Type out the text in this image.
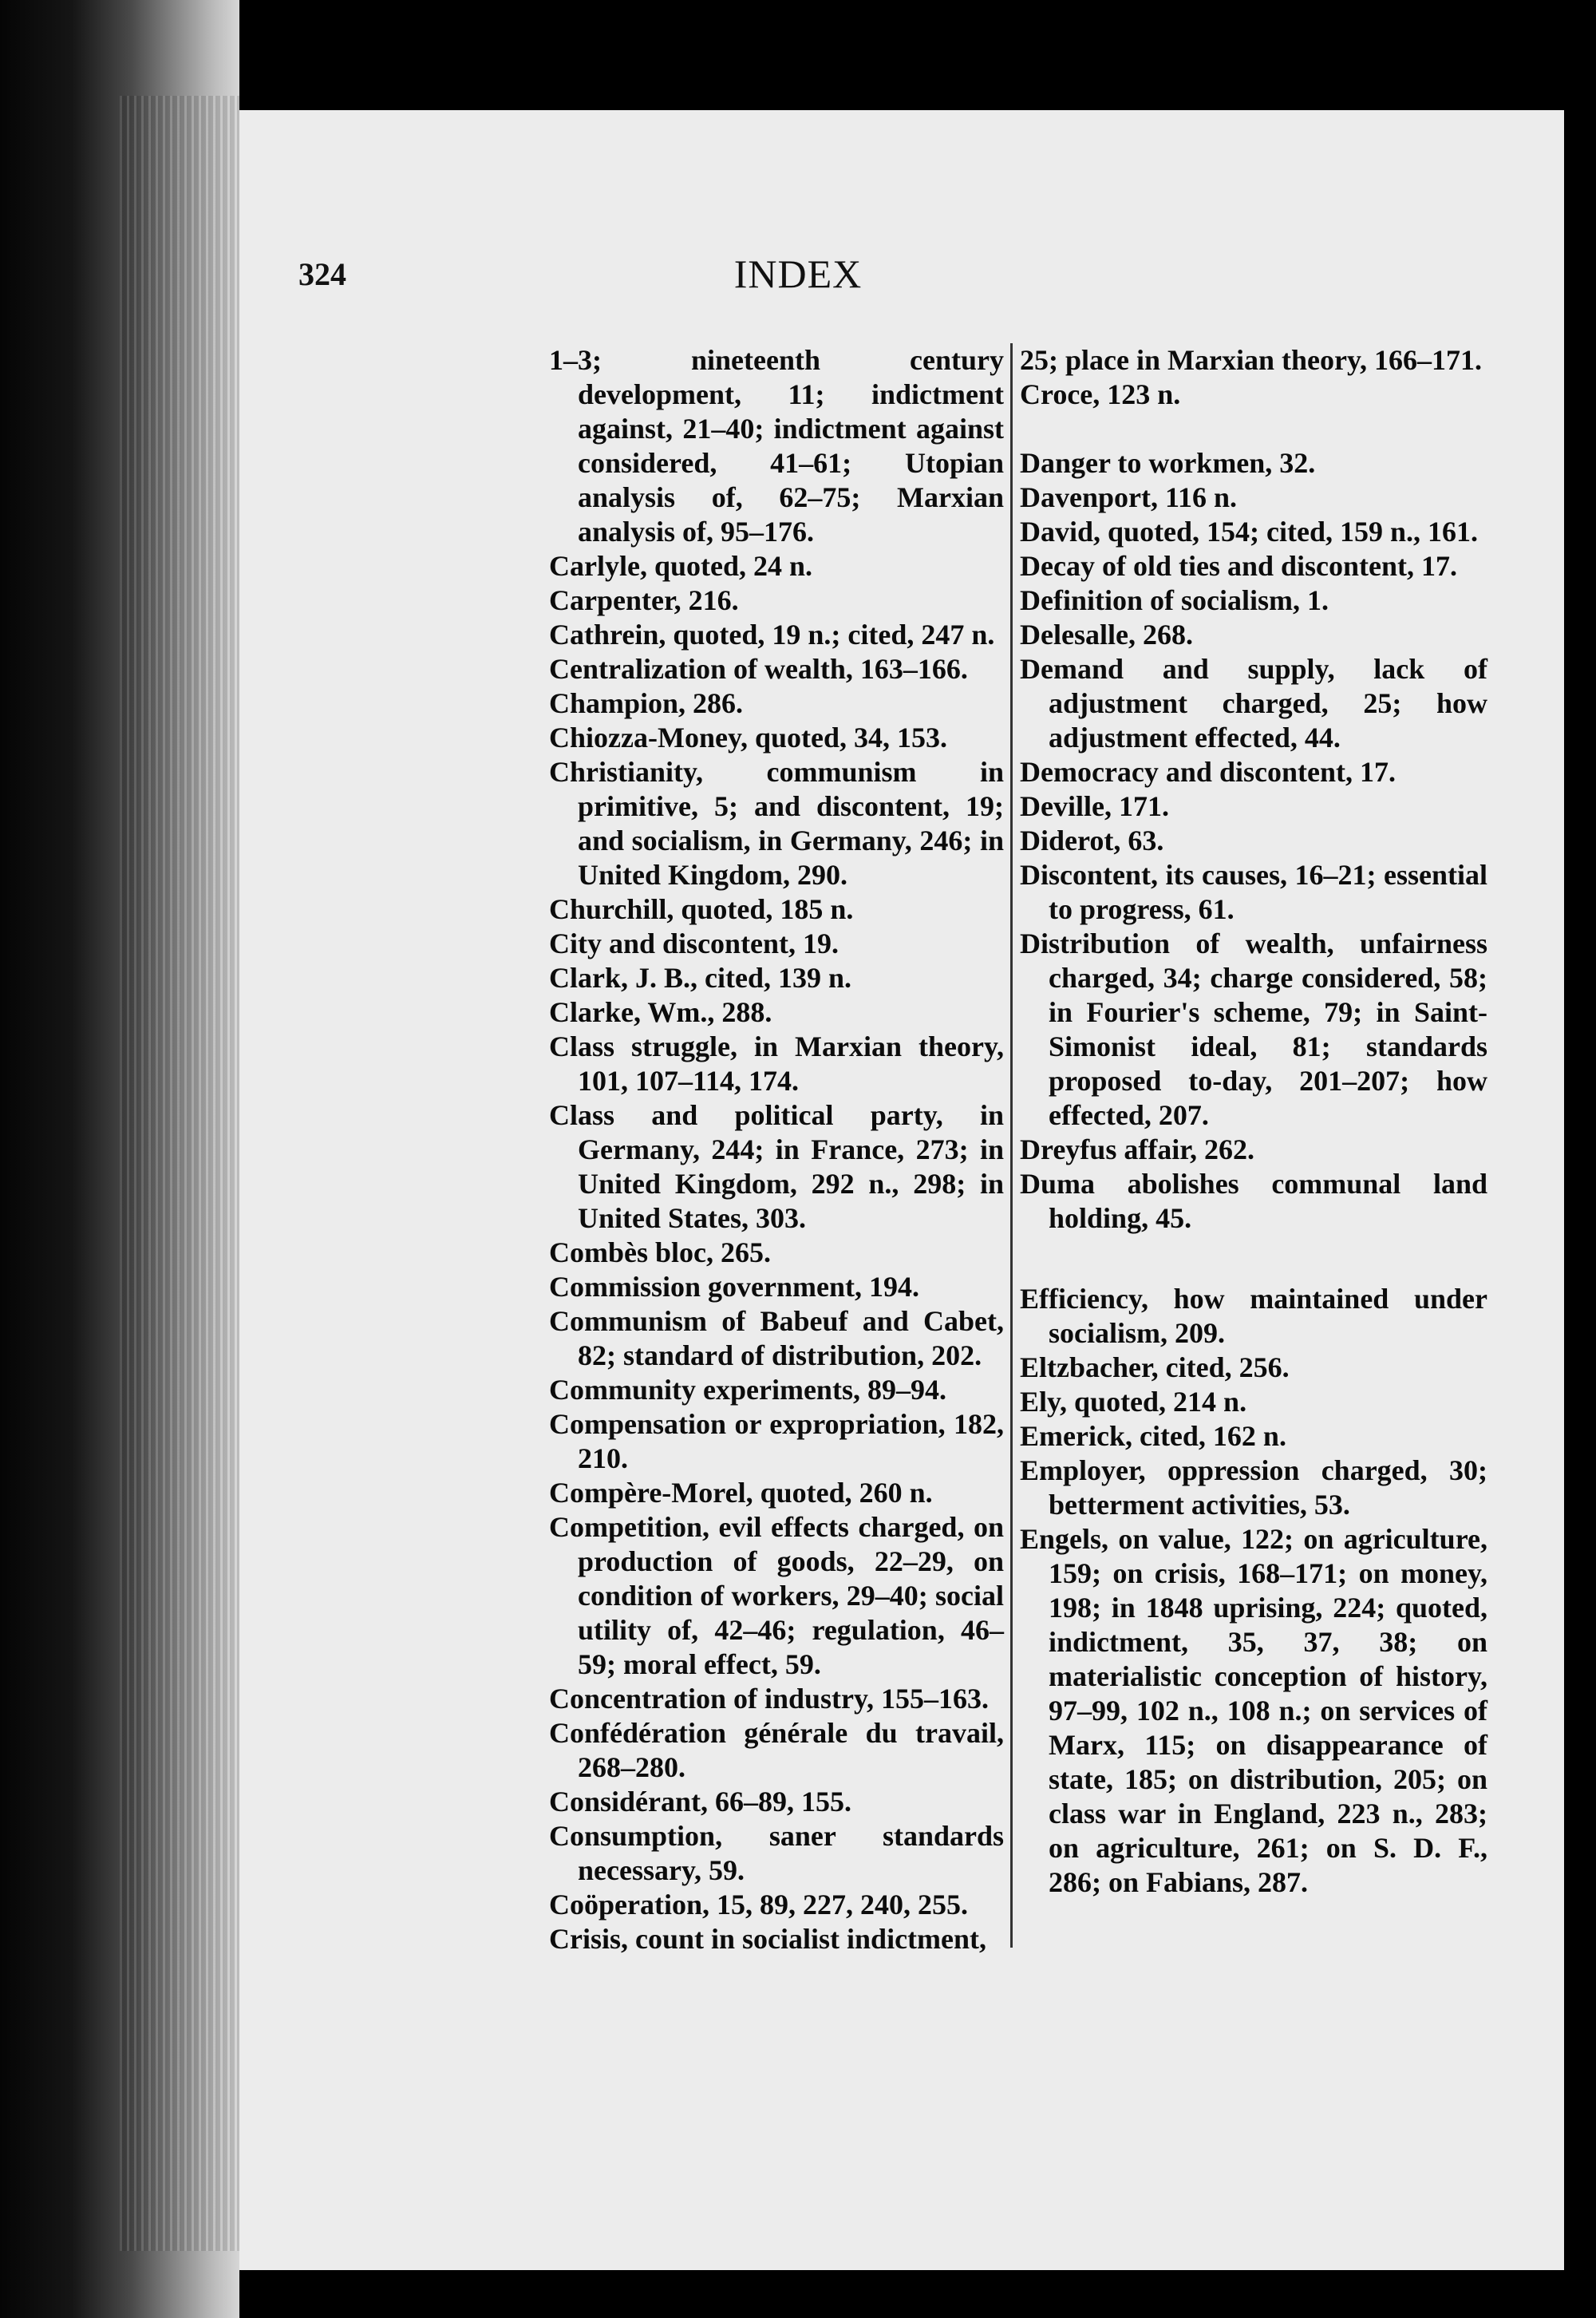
324	INDEX

1–3; nineteenth century development, 11; indictment against, 21–40; indictment against considered, 41–61; Utopian analysis of, 62–75; Marxian analysis of, 95–176.

Carlyle, quoted, 24 n.

Carpenter, 216.

Cathrein, quoted, 19 n.; cited, 247 n.

Centralization of wealth, 163–166.

Champion, 286.

Chiozza-Money, quoted, 34, 153.

Christianity, communism in primitive, 5; and discontent, 19; and socialism, in Germany, 246; in United Kingdom, 290.

Churchill, quoted, 185 n.

City and discontent, 19.

Clark, J. B., cited, 139 n.

Clarke, Wm., 288.

Class struggle, in Marxian theory, 101, 107–114, 174.

Class and political party, in Germany, 244; in France, 273; in United Kingdom, 292 n., 298; in United States, 303.

Combès bloc, 265.

Commission government, 194.

Communism of Babeuf and Cabet, 82; standard of distribution, 202.

Community experiments, 89–94.

Compensation or expropriation, 182, 210.

Compère-Morel, quoted, 260 n.

Competition, evil effects charged, on production of goods, 22–29, on condition of workers, 29–40; social utility of, 42–46; regulation, 46–59; moral effect, 59.

Concentration of industry, 155–163.

Confédération générale du travail, 268–280.

Considérant, 66–89, 155.

Consumption, saner standards necessary, 59.

Coöperation, 15, 89, 227, 240, 255.

Crisis, count in socialist indictment,

25; place in Marxian theory, 166–171.

Croce, 123 n.

Danger to workmen, 32.

Davenport, 116 n.

David, quoted, 154; cited, 159 n., 161.

Decay of old ties and discontent, 17.

Definition of socialism, 1.

Delesalle, 268.

Demand and supply, lack of adjustment charged, 25; how adjustment effected, 44.

Democracy and discontent, 17.

Deville, 171.

Diderot, 63.

Discontent, its causes, 16–21; essential to progress, 61.

Distribution of wealth, unfairness charged, 34; charge considered, 58; in Fourier's scheme, 79; in Saint-Simonist ideal, 81; standards proposed to-day, 201–207; how effected, 207.

Dreyfus affair, 262.

Duma abolishes communal land holding, 45.

Efficiency, how maintained under socialism, 209.

Eltzbacher, cited, 256.

Ely, quoted, 214 n.

Emerick, cited, 162 n.

Employer, oppression charged, 30; betterment activities, 53.

Engels, on value, 122; on agriculture, 159; on crisis, 168–171; on money, 198; in 1848 uprising, 224; quoted, indictment, 35, 37, 38; on materialistic conception of history, 97–99, 102 n., 108 n.; on services of Marx, 115; on disappearance of state, 185; on distribution, 205; on class war in England, 223 n., 283; on agriculture, 261; on S. D. F., 286; on Fabians, 287.
